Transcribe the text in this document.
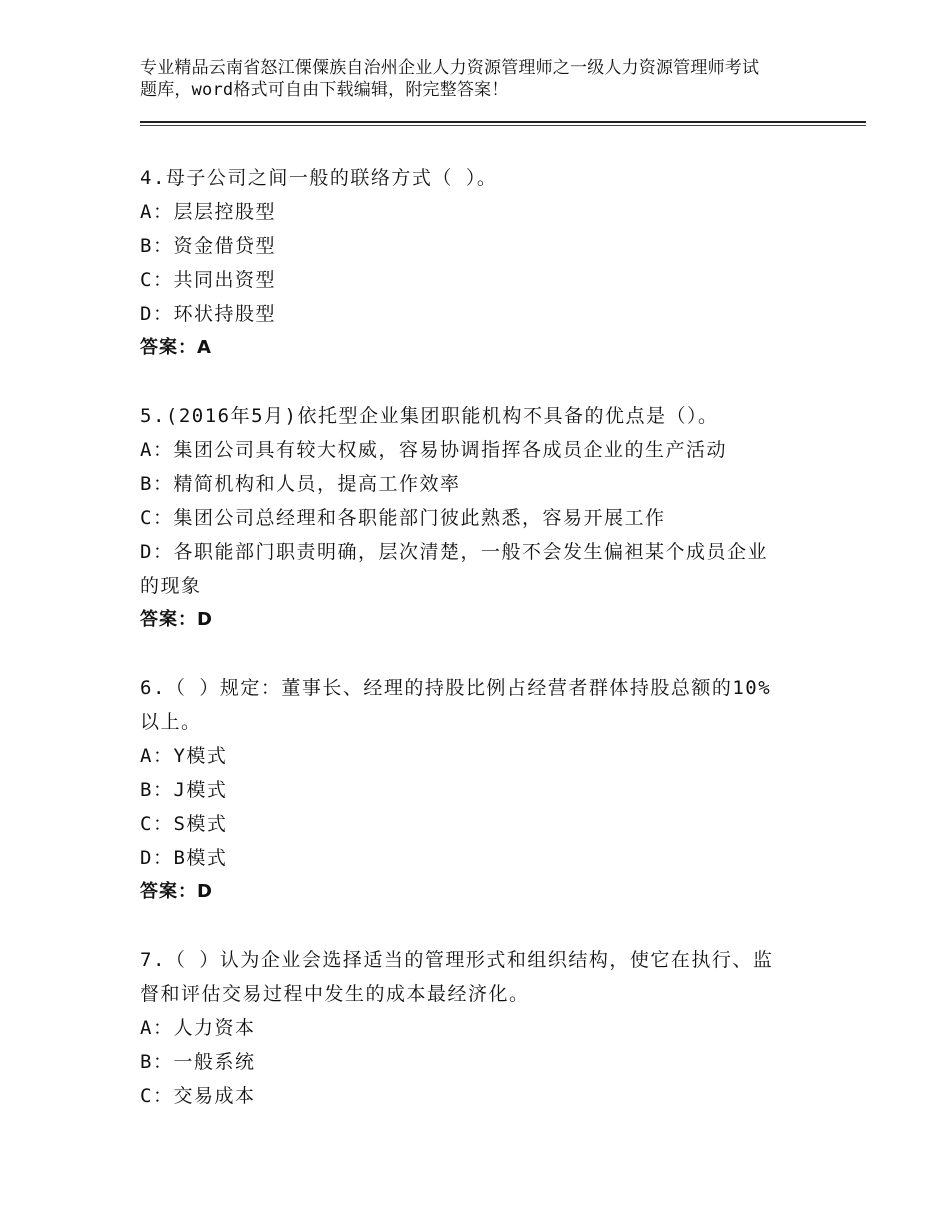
专业精品云南省怒江傈僳族自治州企业人力资源管理师之一级人力资源管理师考试
题库，word格式可自由下载编辑，附完整答案！
4.母子公司之间一般的联络方式（ ）。
A：层层控股型
B：资金借贷型
C：共同出资型
D：环状持股型
答案：A
5.(2016年5月)依托型企业集团职能机构不具备的优点是（）。
A：集团公司具有较大权威，容易协调指挥各成员企业的生产活动
B：精简机构和人员，提高工作效率
C：集团公司总经理和各职能部门彼此熟悉，容易开展工作
D：各职能部门职责明确，层次清楚，一般不会发生偏袒某个成员企业
的现象
答案：D
6.（ ）规定：董事长、经理的持股比例占经营者群体持股总额的10%
以上。
A：Y模式
B：J模式
C：S模式
D：B模式
答案：D
7.（ ）认为企业会选择适当的管理形式和组织结构，使它在执行、监
督和评估交易过程中发生的成本最经济化。
A：人力资本
B：一般系统
C：交易成本
